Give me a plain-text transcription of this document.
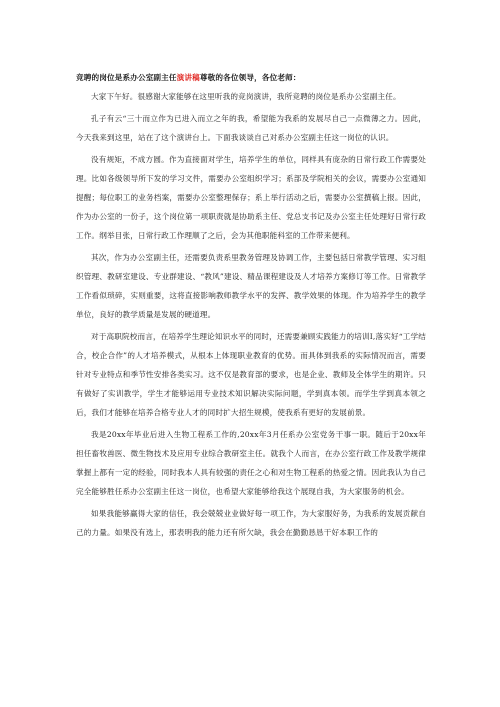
竞聘的岗位是系办公室副主任演讲稿尊敬的各位领导，各位老师：

大家下午好。很感谢大家能够在这里听我的竞岗演讲，我所竞聘的岗位是系办公室副主任。

孔子有云“三十而立作为已进入而立之年的我，希望能为我系的发展尽自己一点微薄之力。因此，今天我来到这里，站在了这个演讲台上。下面我谈谈自己对系办公室副主任这一岗位的认识。

没有规矩，不成方圆。作为直接面对学生，培养学生的单位，同样具有庞杂的日常行政工作需要处理。比如各级领导所下发的学习文件，需要办公室组织学习；系部及学院相关的会议，需要办公室通知提醒；每位职工的业务档案，需要办公室整理保存；系上举行活动之后，需要办公室撰稿上报。因此，作为办公室的一份子，这个岗位第一项职责就是协助系主任、党总支书记及办公室主任处理好日常行政工作。纲举目张，日常行政工作理顺了之后，会为其他职能科室的工作带来便利。

其次，作为办公室副主任，还需要负责系里教务管理及协调工作，主要包括日常教学管理、实习组织管理、教研室建设、专业群建设、“教风”建设、精品课程建设及人才培养方案修订等工作。日常教学工作看似琐碎，实则重要，这将直接影响教师教学水平的发挥、教学效果的体现。作为培养学生的教学单位，良好的教学质量是发展的硬道理。

对于高职院校而言，在培养学生理论知识水平的同时，还需要兼顾实践能力的培训I,落实好“工学结合，校企合作”的人才培养模式，从根本上体现职业教育的优势。而具体到我系的实际情况而言，需要针对专业特点和季节性安排各类实习。这不仅是教育部的要求，也是企业、教师及全体学生的期许。只有做好了实训教学，学生才能够运用专业技术知识解决实际问题，学到真本领。而学生学到真本领之后，我们才能够在培养合格专业人才的同时扩大招生规模，使我系有更好的发展前景。

我是20xx年毕业后进入生物工程系工作的,20xx年3月任系办公室党务干事一职。随后于20xx年担任畜牧兽医、微生物技术及应用专业综合教研室主任。就我个人而言，在办公室行政工作及教学规律掌握上都有一定的经验，同时我本人具有较强的责任之心和对生物工程系的热爱之情。因此我认为自己完全能够胜任系办公室副主任这一岗位，也希望大家能够给我这个展现自我，为大家服务的机会。

如果我能够赢得大家的信任，我会兢兢业业做好每一项工作，为大家服好务，为我系的发展贡献自己的力量。如果没有选上，那表明我的能力还有所欠缺，我会在勤勤恳恳干好本职工作的
